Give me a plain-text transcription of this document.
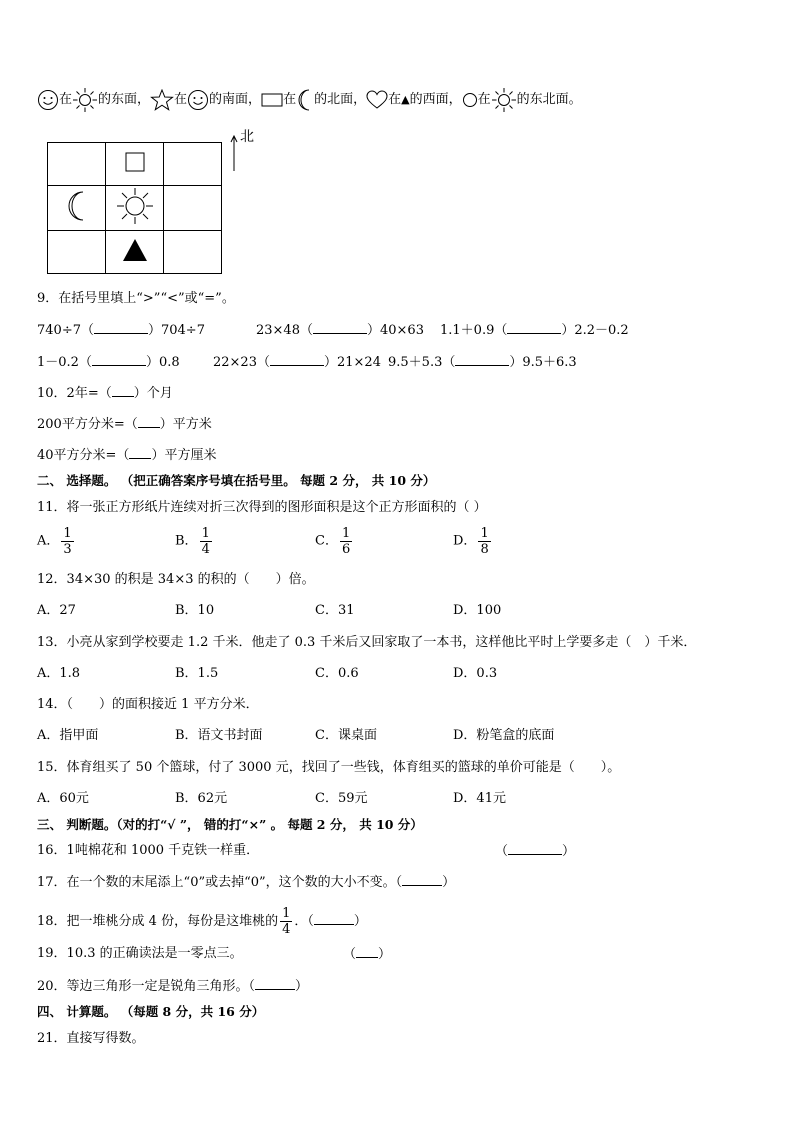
在 的东面， 在 的南面， 在 的北面， 在 ▲ 的西面， 在 的东北面。

北
9．在括号里填上“>”“<”或“=”。
740÷7（	）704÷7	23×48（	）40×63 1.1＋0.9（	）2.2－0.2
1－0.2（	）0.8	22×23（	）21×24 9.5＋5.3（	）9.5＋6.3
10．2年=（ ）个月
200平方分米=（ ）平方米
40平方分米=（ ）平方厘米
二、 选择题。 （把正确答案序号填在括号里。 每题 2 分， 共 10 分）
11．将一张正方形纸片连续对折三次得到的图形面积是这个正方形面积的（ ）
A． $\frac{1}{3}$	B． $\frac{1}{4}$	C． $\frac{1}{6}$	D． $\frac{1}{8}$
12．34×30 的积是 34×3 的积的（　　）倍。
A．27	B．10	C．31	D．100
13．小亮从家到学校要走 1.2 千米．他走了 0.3 千米后又回家取了一本书，这样他比平时上学要多走（　）千米．
A．1.8	B．1.5	C．0.6	D．0.3
14．（　　）的面积接近 1 平方分米．
A．指甲面	B．语文书封面	C．课桌面	D．粉笔盒的底面
15．体育组买了 50 个篮球，付了 3000 元，找回了一些钱，体育组买的篮球的单价可能是（　　）。
A．60元	B．62元	C．59元	D．41元
三、 判断题。（对的打“√ ”， 错的打“×” 。 每题 2 分， 共 10 分）
16．1吨棉花和 1000 千克铁一样重．	（	）
17．在一个数的末尾添上“0”或去掉“0”，这个数的大小不变。（	）
18．把一堆桃分成 4 份，每份是这堆桃的 $\frac{1}{4}$ ．（	）
19．10.3 的正确读法是一零点三。	（ ）
20．等边三角形一定是锐角三角形。（	）
四、 计算题。 （每题 8 分，共 16 分）
21．直接写得数。
